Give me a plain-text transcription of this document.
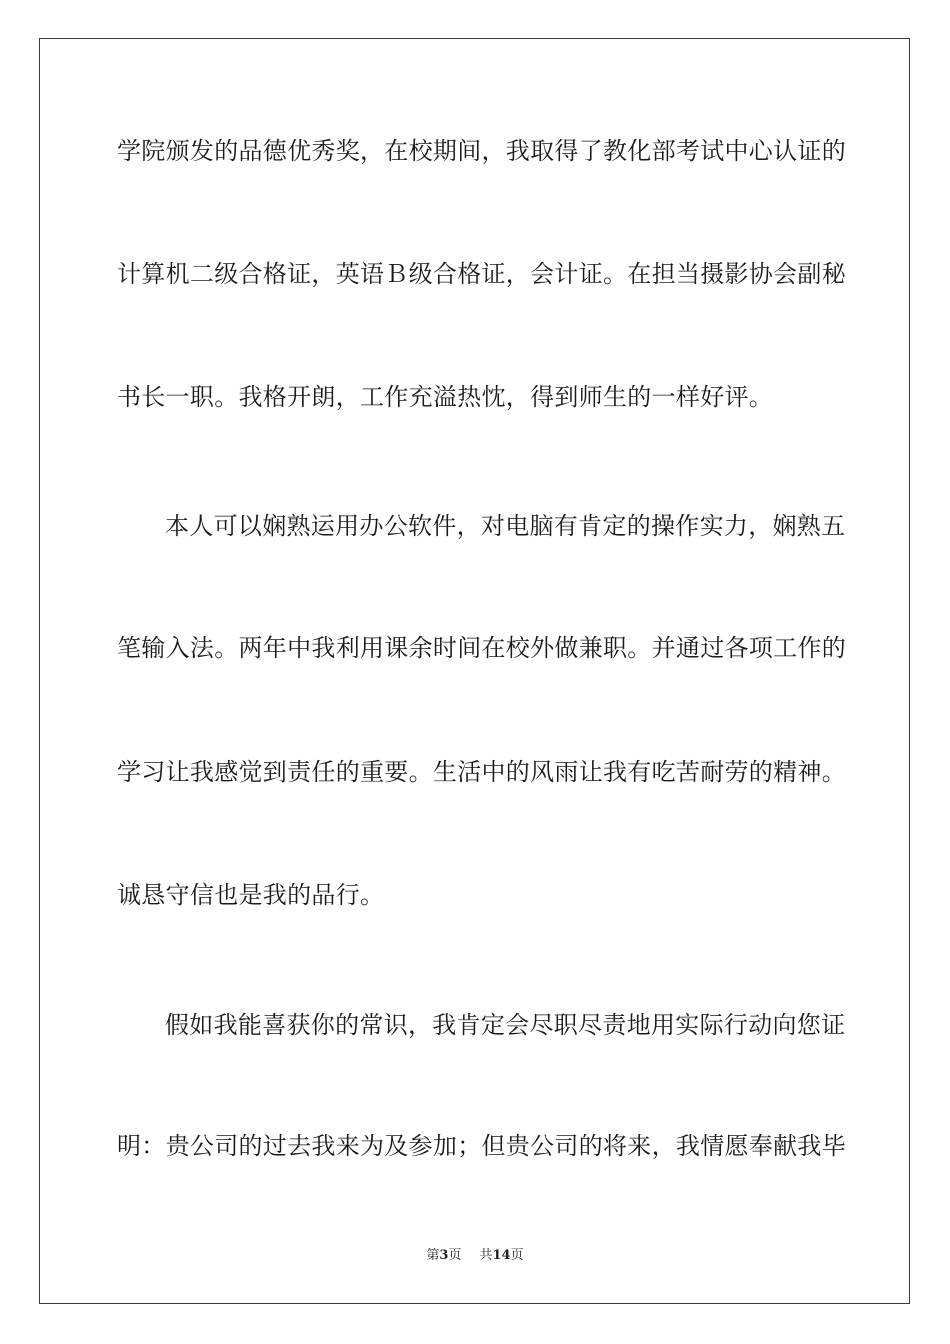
学院颁发的品德优秀奖，在校期间，我取得了教化部考试中心认证的
计算机二级合格证，英语Ｂ级合格证，会计证。在担当摄影协会副秘
书长一职。我格开朗，工作充溢热忱，得到师生的一样好评。
本人可以娴熟运用办公软件，对电脑有肯定的操作实力，娴熟五
笔输入法。两年中我利用课余时间在校外做兼职。并通过各项工作的
学习让我感觉到责任的重要。生活中的风雨让我有吃苦耐劳的精神。
诚恳守信也是我的品行。
假如我能喜获你的常识，我肯定会尽职尽责地用实际行动向您证
明：贵公司的过去我来为及参加；但贵公司的将来，我情愿奉献我毕
第3页 共14页
